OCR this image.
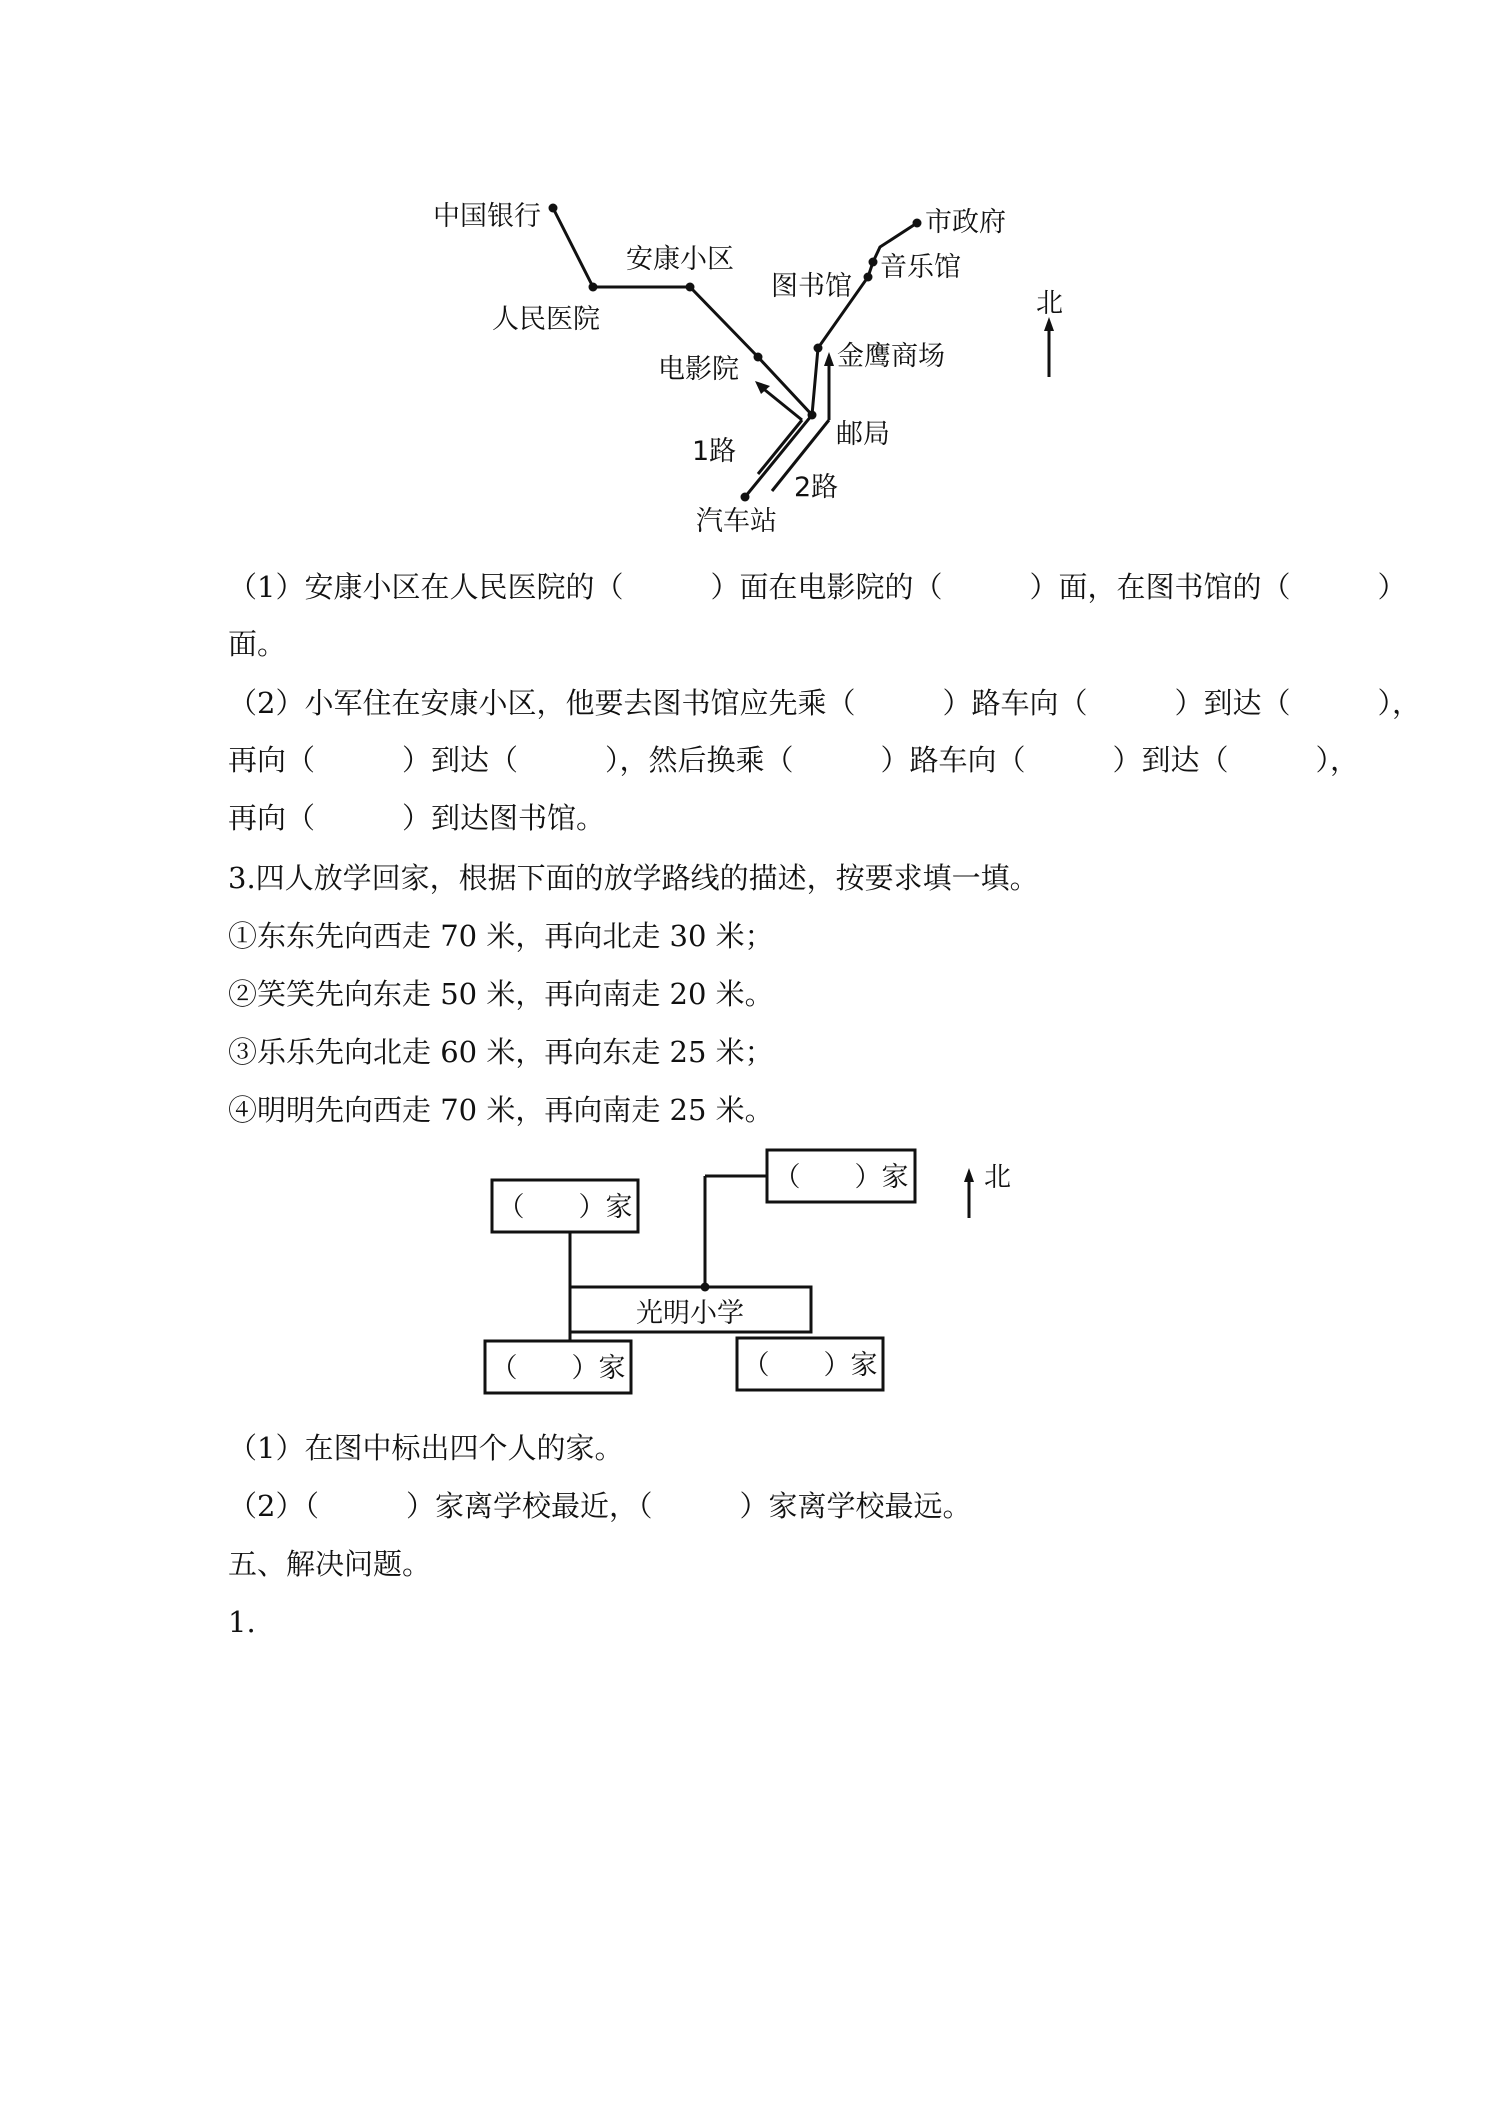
中国银行
人民医院
安康小区
电影院
图书馆
音乐馆
市政府
金鹰商场
邮局
汽车站
1路
2路
北
（1）安康小区在人民医院的（　　　）面在电影院的（　　　）面，在图书馆的（　　　）
面。
（2）小军住在安康小区，他要去图书馆应先乘（　　　）路车向（　　　）到达（　　　），
再向（　　　）到达（　　　），然后换乘（　　　）路车向（　　　）到达（　　　），
再向（　　　）到达图书馆。
3.四人放学回家，根据下面的放学路线的描述，按要求填一填。
①东东先向西走 70 米，再向北走 30 米；
②笑笑先向东走 50 米，再向南走 20 米。
③乐乐先向北走 60 米，再向东走 25 米；
④明明先向西走 70 米，再向南走 25 米。
（　　）家
（　　）家
（　　）家	（　　）家
光明小学
北
（1）在图中标出四个人的家。
（2）（　　　）家离学校最近，（　　　）家离学校最远。
五、解决问题。
1.
